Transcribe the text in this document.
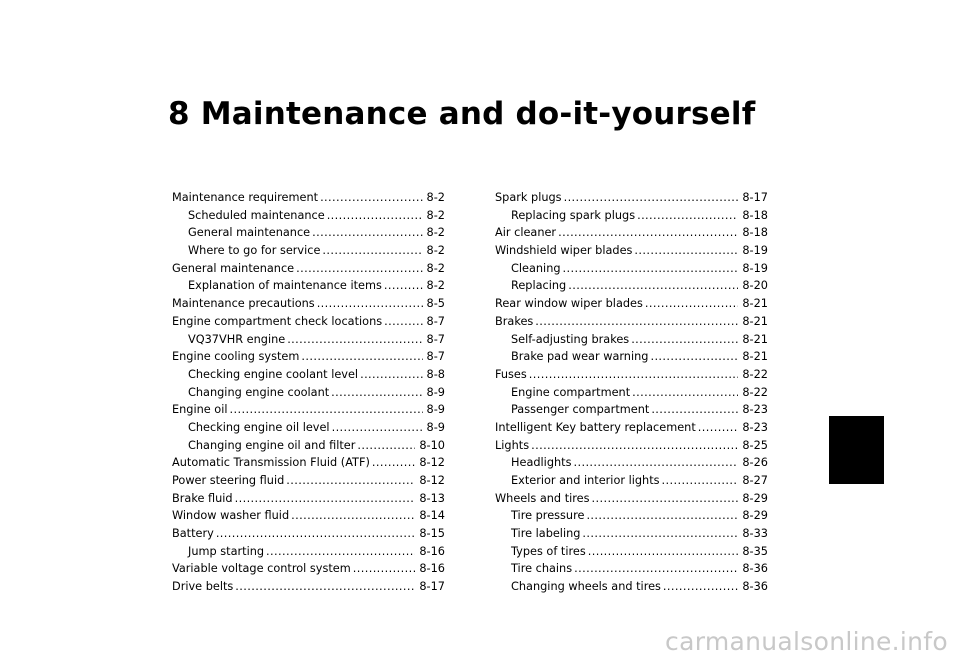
8 Maintenance and do-it-yourself
Maintenance requirement .....	8-2
Scheduled maintenance .....	8-2
General maintenance .....	8-2
Where to go for service .....	8-2
General maintenance .....	8-2
Explanation of maintenance items .....	8-2
Maintenance precautions .....	8-5
Engine compartment check locations .....	8-7
VQ37VHR engine .....	8-7
Engine cooling system .....	8-7
Checking engine coolant level .....	8-8
Changing engine coolant .....	8-9
Engine oil .....	8-9
Checking engine oil level .....	8-9
Changing engine oil and filter .....	8-10
Automatic Transmission Fluid (ATF) .....	8-12
Power steering fluid .....	8-12
Brake fluid .....	8-13
Window washer fluid .....	8-14
Battery .....	8-15
Jump starting .....	8-16
Variable voltage control system .....	8-16
Drive belts .....	8-17
Spark plugs .....	8-17
Replacing spark plugs .....	8-18
Air cleaner .....	8-18
Windshield wiper blades .....	8-19
Cleaning .....	8-19
Replacing .....	8-20
Rear window wiper blades .....	8-21
Brakes .....	8-21
Self-adjusting brakes .....	8-21
Brake pad wear warning .....	8-21
Fuses .....	8-22
Engine compartment .....	8-22
Passenger compartment .....	8-23
Intelligent Key battery replacement .....	8-23
Lights .....	8-25
Headlights .....	8-26
Exterior and interior lights .....	8-27
Wheels and tires .....	8-29
Tire pressure .....	8-29
Tire labeling .....	8-33
Types of tires .....	8-35
Tire chains .....	8-36
Changing wheels and tires .....	8-36
carmanualsonline.info
